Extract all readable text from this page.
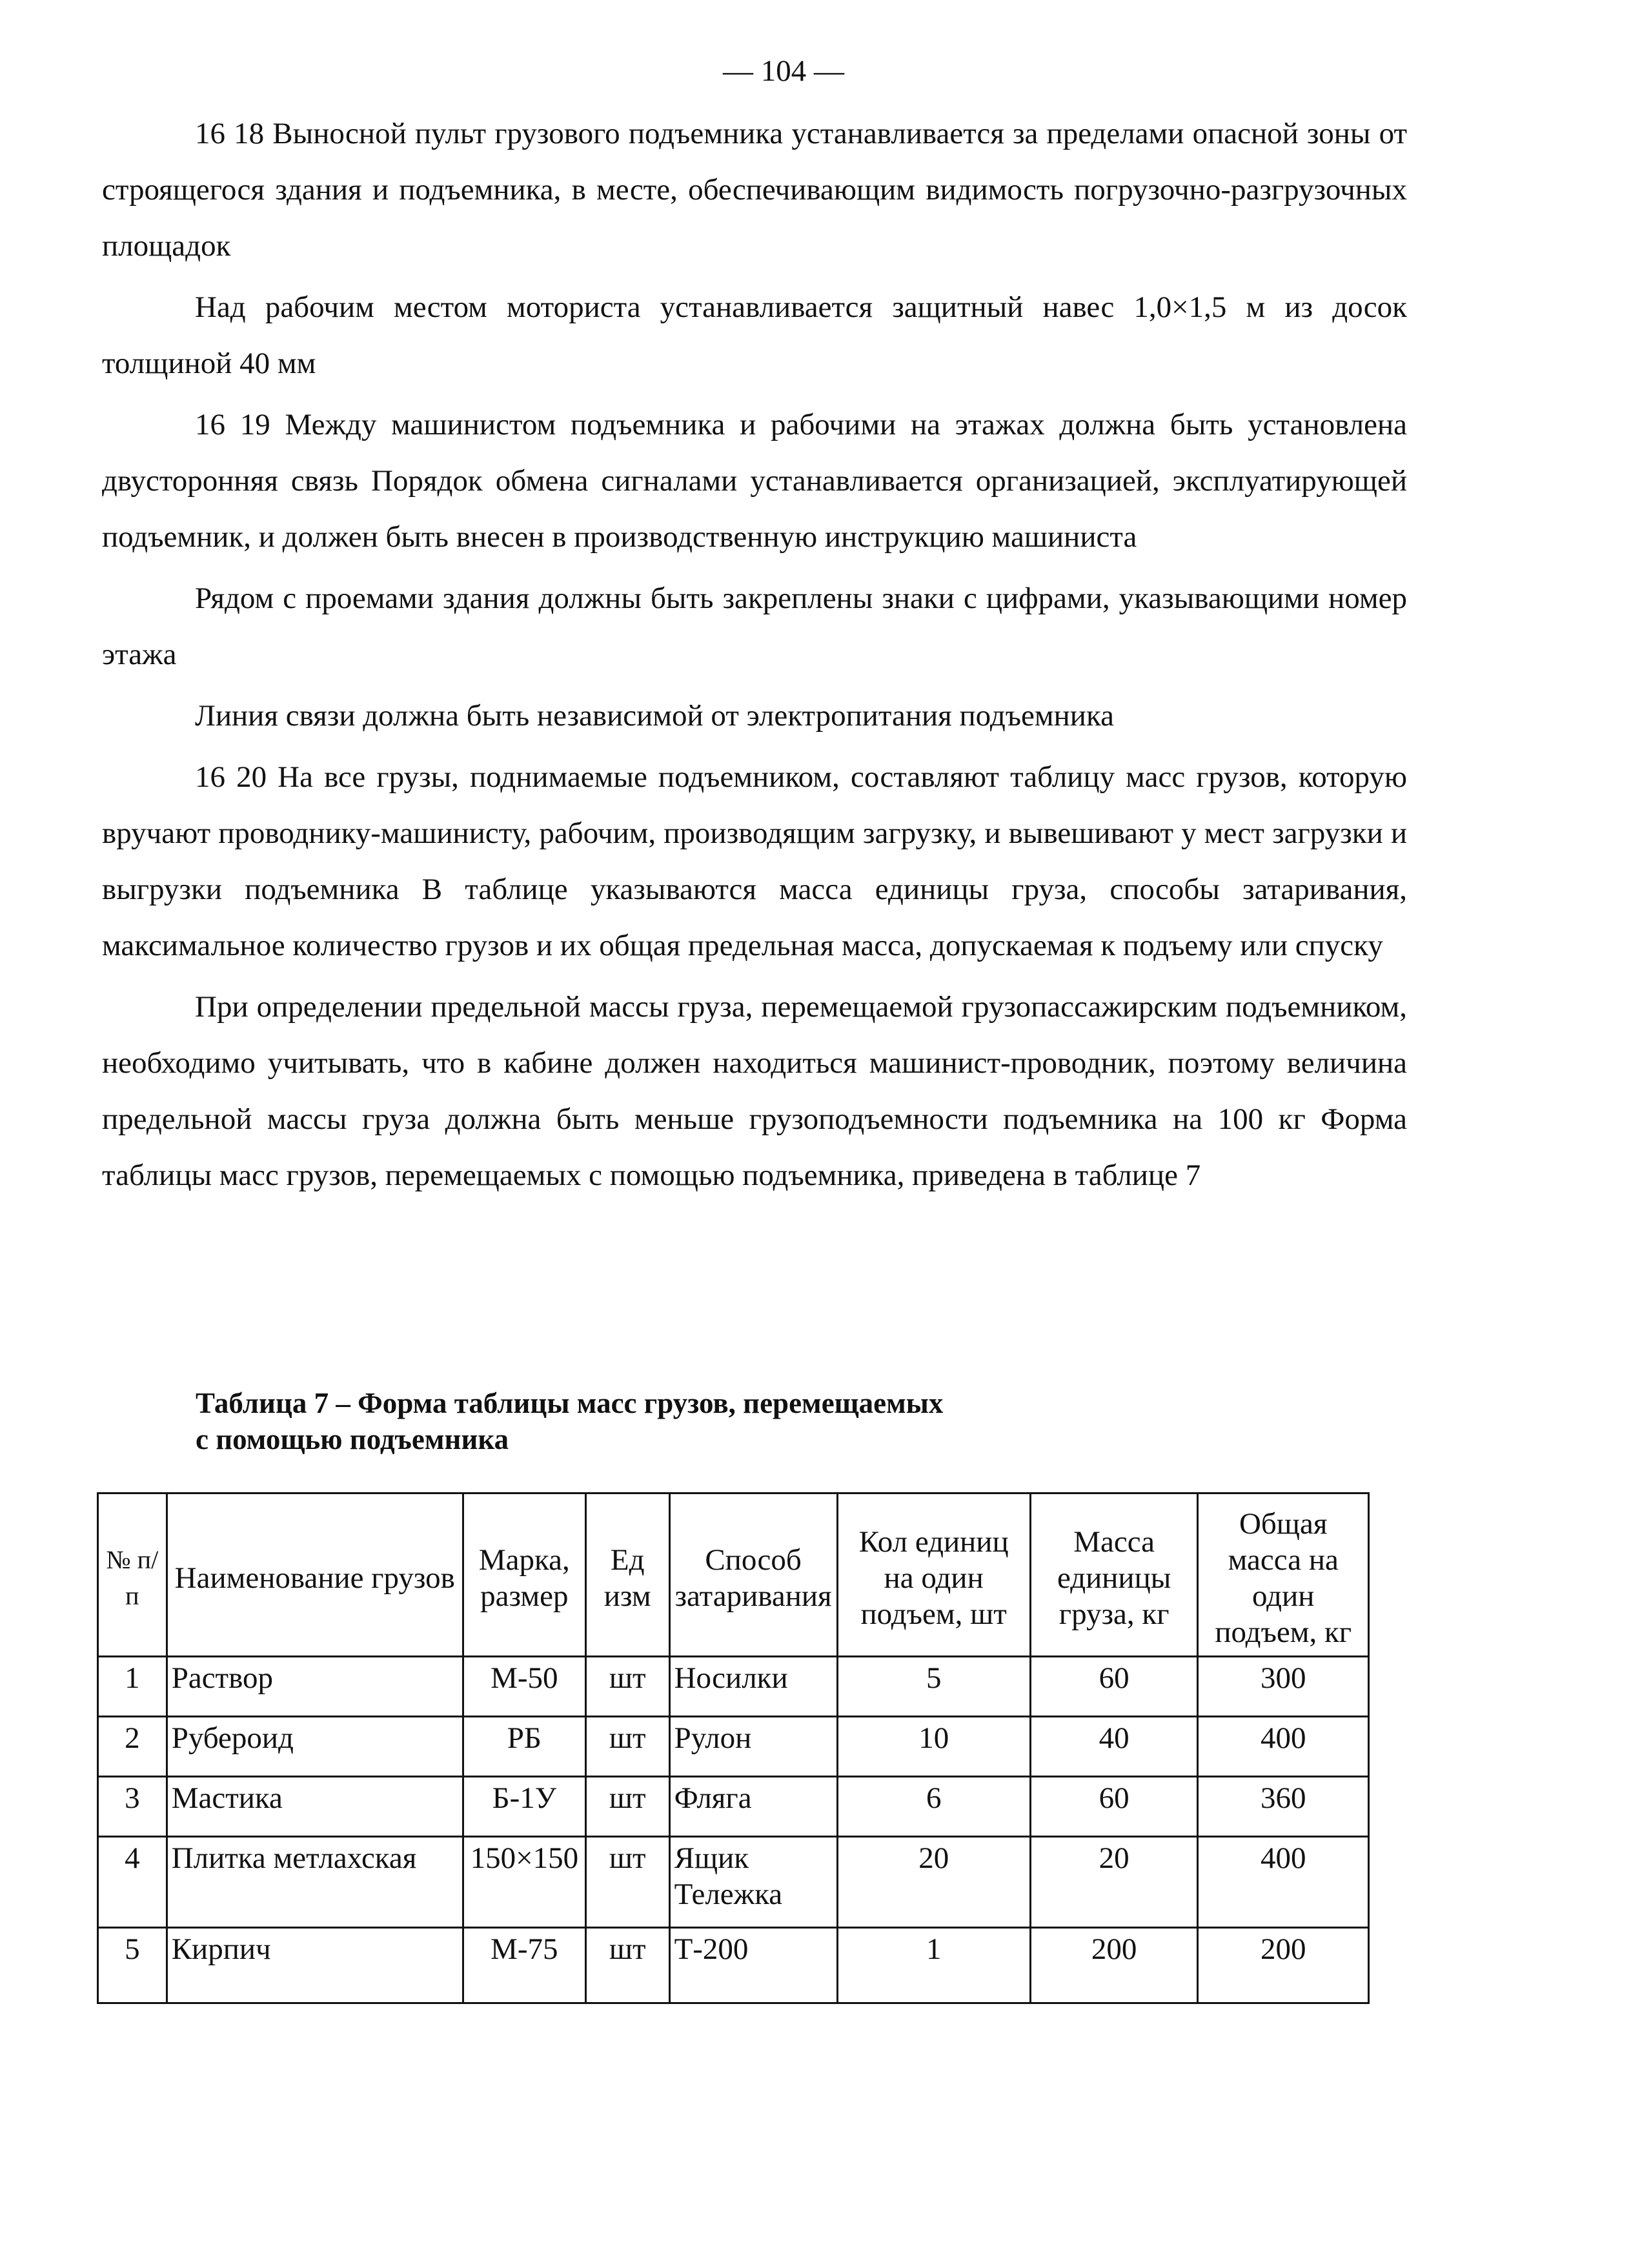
— 104 —

16 18 Выносной пульт грузового подъемника устанавливается за пределами опасной зоны от строящегося здания и подъемника, в месте, обеспечивающим видимость погрузочно-разгрузочных площадок

Над рабочим местом моториста устанавливается защитный навес 1,0×1,5 м из досок толщиной 40 мм

16 19 Между машинистом подъемника и рабочими на этажах должна быть установлена двусторонняя связь Порядок обмена сигналами устанавливается организацией, эксплуатирующей подъемник, и должен быть внесен в производственную инструкцию машиниста

Рядом с проемами здания должны быть закреплены знаки с цифрами, указывающими номер этажа

Линия связи должна быть независимой от электропитания подъемника

16 20 На все грузы, поднимаемые подъемником, составляют таблицу масс грузов, которую вручают проводнику-машинисту, рабочим, производящим загрузку, и вывешивают у мест загрузки и выгрузки подъемника В таблице указываются масса единицы груза, способы затаривания, максимальное количество грузов и их общая предельная масса, допускаемая к подъему или спуску

При определении предельной массы груза, перемещаемой грузопассажирским подъемником, необходимо учитывать, что в кабине должен находиться машинист-проводник, поэтому величина предельной массы груза должна быть меньше грузоподъемности подъемника на 100 кг Форма таблицы масс грузов, перемещаемых с помощью подъемника, приведена в таблице 7

Таблица 7 – Форма таблицы масс грузов, перемещаемых
с помощью подъемника
№ п/п	Наименование грузов	Марка, размер	Ед изм	Способ затаривания	Кол единиц на один подъем, шт	Масса единицы груза, кг	Общая масса на один подъем, кг
1	Раствор	М-50	шт	Носилки	5	60	300
2	Рубероид	РБ	шт	Рулон	10	40	400
3	Мастика	Б-1У	шт	Фляга	6	60	360
4	Плитка метлахская	150×150	шт	Ящик Тележка	20	20	400
5	Кирпич	М-75	шт	Т-200	1	200	200
